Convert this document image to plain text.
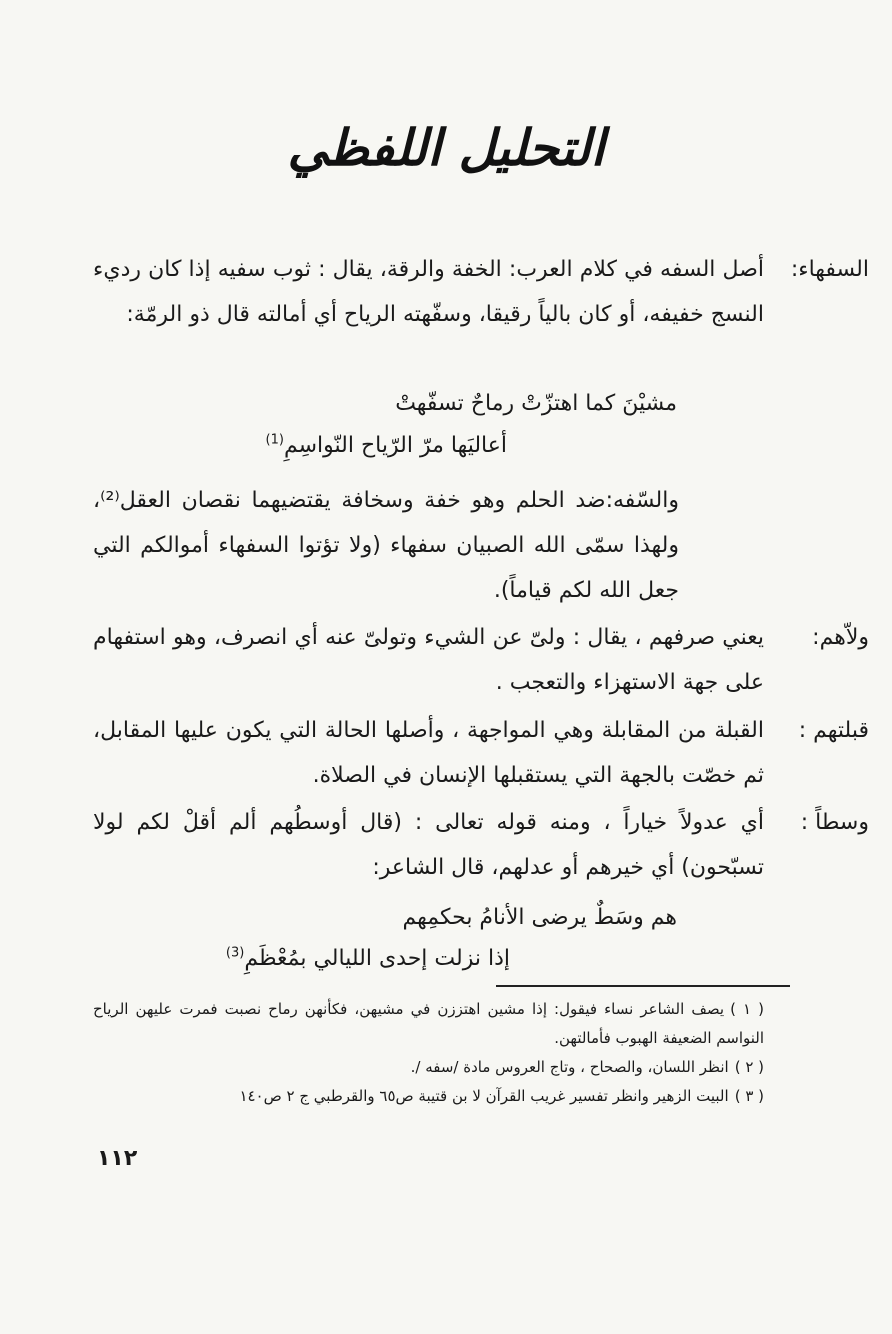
التحليل اللفظي
السفهاء:
أصل السفه في كلام العرب: الخفة والرقة، يقال : ثوب سفيه إذا كان رديء النسج خفيفه، أو كان بالياً رقيقا، وسفّهته الرياح أي أمالته قال ذو الرمّة:
مشيْنَ كما اهتزّتْ رماحٌ تسفّهتْ
أعاليَها مرّ الرّياح النّواسِمِ$^{(1)}$
والسّفه:ضد الحلم وهو خفة وسخافة يقتضيهما نقصان العقل⁽²⁾، ولهذا سمّى الله الصبيان سفهاء (ولا تؤتوا السفهاء أموالكم التي جعل الله لكم قياماً).
ولاّهم:
يعني صرفهم ، يقال : ولىّ عن الشيء وتولىّ عنه أي انصرف، وهو استفهام على جهة الاستهزاء والتعجب .
قبلتهم :
القبلة من المقابلة وهي المواجهة ، وأصلها الحالة التي يكون عليها المقابل، ثم خصّت بالجهة التي يستقبلها الإنسان في الصلاة.
وسطاً :
أي عدولاً خياراً ، ومنه قوله تعالى : (قال أوسطُهم ألم أقلْ لكم لولا تسبّحون) أي خيرهم أو عدلهم، قال الشاعر:
هم وسَطٌ يرضى الأنامُ بحكمِهم
إذا نزلت إحدى الليالي بمُعْظَمِ$^{(3)}$
( ١ )يصف الشاعر نساء فيقول: إذا مشين اهتززن في مشيهن، فكأنهن رماح نصبت فمرت عليهن الرياح النواسم الضعيفة الهبوب فأمالتهن.
( ٢ )انظر اللسان، والصحاح ، وتاج العروس مادة /سفه /.
( ٣ )البيت الزهير وانظر تفسير غريب القرآن لا بن قتيبة ص٦٥ والقرطبي ج ٢ ص١٤٠
١١٢
